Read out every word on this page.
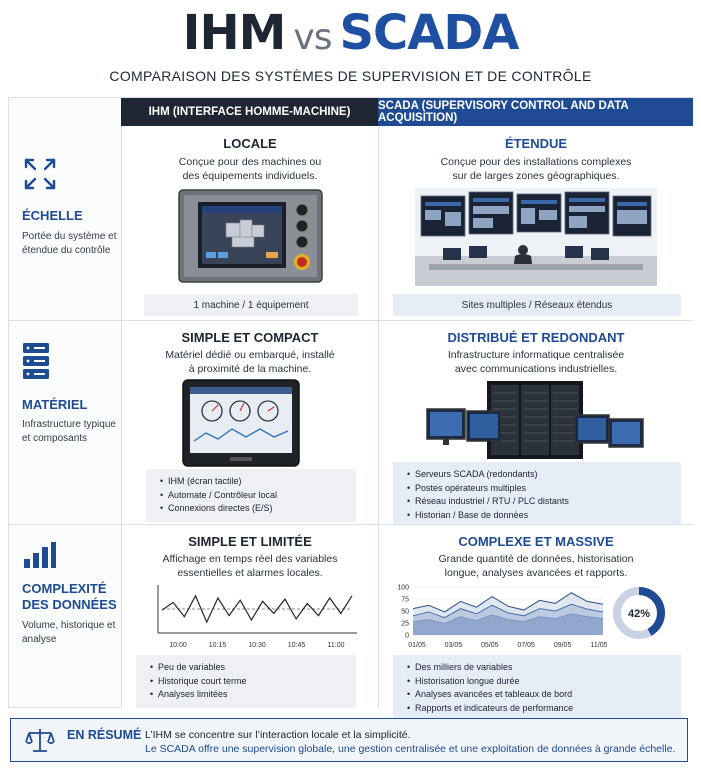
IHM vs SCADA
COMPARAISON DES SYSTÈMES DE SUPERVISION ET DE CONTRÔLE
IHM (INTERFACE HOMME-MACHINE)	SCADA (SUPERVISORY CONTROL AND DATA ACQUISITION)
ÉCHELLE
Portée du système et étendue du contrôle
LOCALE
Conçue pour des machines ou des équipements individuels.
1 machine / 1 équipement
ÉTENDUE
Conçue pour des installations complexes sur de larges zones géographiques.
Sites multiples / Réseaux étendus
MATÉRIEL
Infrastructure typique et composants
SIMPLE ET COMPACT
Matériel dédié ou embarqué, installé à proximité de la machine.
• IHM (écran tactile)
• Automate / Contrôleur local
• Connexions directes (E/S)
DISTRIBUÉ ET REDONDANT
Infrastructure informatique centralisée avec communications industrielles.
• Serveurs SCADA (redondants)
• Postes opérateurs multiples
• Réseau industriel / RTU / PLC distants
• Historian / Base de données
COMPLEXITÉ DES DONNÉES
Volume, historique et analyse
SIMPLE ET LIMITÉE
Affichage en temps réel des variables essentielles et alarmes locales.
10:00	10:15	10:30	10:45	11:00
• Peu de variables
• Historique court terme
• Analyses limitées
COMPLEXE ET MASSIVE
Grande quantité de données, historisation longue, analyses avancées et rapports.
0
25
50
75
100
01/05	03/05	05/05	07/05	09/05	11/05
42%
• Des milliers de variables
• Historisation longue durée
• Analyses avancées et tableaux de bord
• Rapports et indicateurs de performance
EN RÉSUMÉ L’IHM se concentre sur l’interaction locale et la simplicité.
Le SCADA offre une supervision globale, une gestion centralisée et une exploitation de données à grande échelle.
